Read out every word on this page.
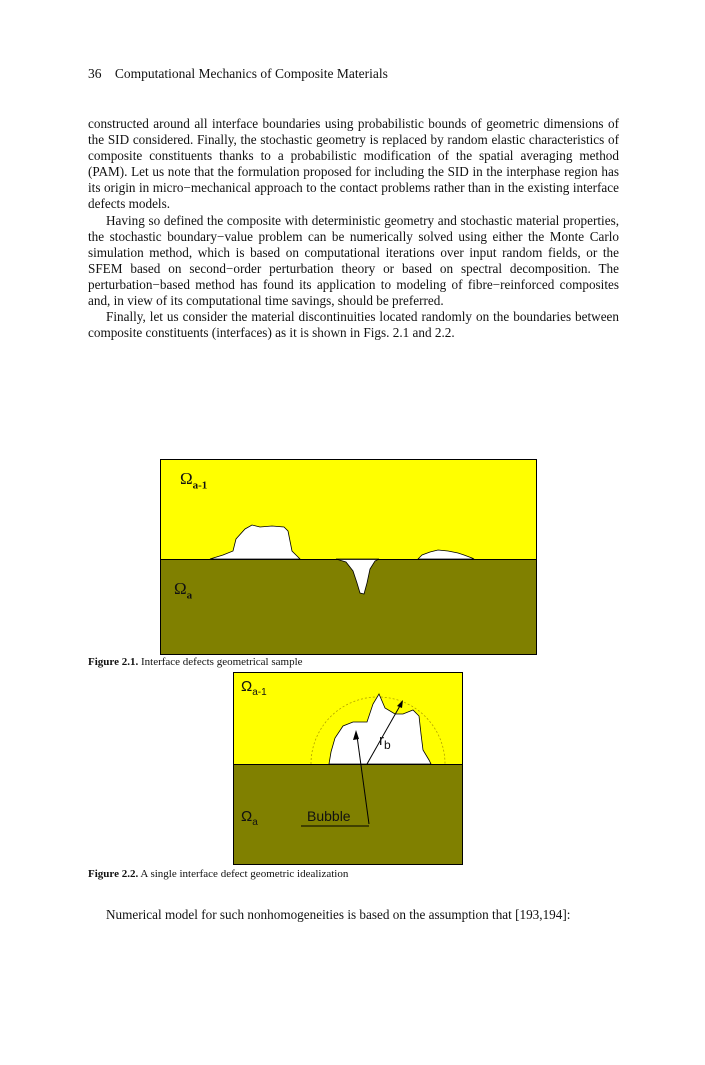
36 Computational Mechanics of Composite Materials

constructed around all interface boundaries using probabilistic bounds of geometric dimensions of the SID considered. Finally, the stochastic geometry is replaced by random elastic characteristics of composite constituents thanks to a probabilistic modification of the spatial averaging method (PAM). Let us note that the formulation proposed for including the SID in the interphase region has its origin in micro−mechanical approach to the contact problems rather than in the existing interface defects models.

Having so defined the composite with deterministic geometry and stochastic material properties, the stochastic boundary−value problem can be numerically solved using either the Monte Carlo simulation method, which is based on computational iterations over input random fields, or the SFEM based on second−order perturbation theory or based on spectral decomposition. The perturbation−based method has found its application to modeling of fibre−reinforced composites and, in view of its computational time savings, should be preferred.

Finally, let us consider the material discontinuities located randomly on the boundaries between composite constituents (interfaces) as it is shown in Figs. 2.1 and 2.2.

$\Omega_{a-1}$
$\Omega_a$
Figure 2.1. Interface defects geometrical sample
$\Omega_{a-1}$
$\Omega_a$
$r_b$
Bubble
Figure 2.2. A single interface defect geometric idealization
Numerical model for such nonhomogeneities is based on the assumption that [193,194]:
